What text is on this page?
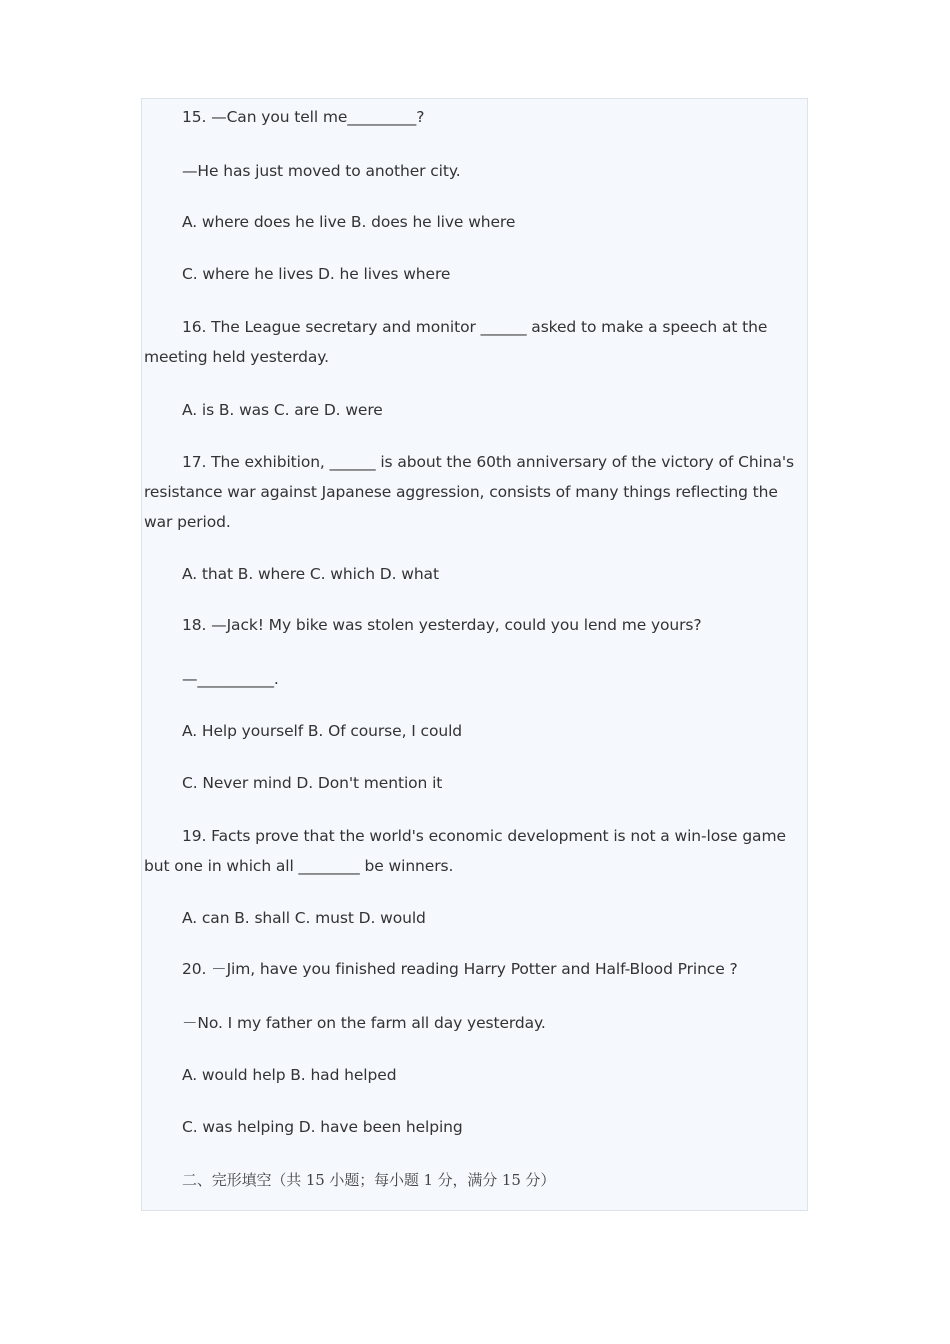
15. —Can you tell me_________?
—He has just moved to another city.
A. where does he live B. does he live where
C. where he lives D. he lives where
16. The League secretary and monitor ______ asked to make a speech at the meeting held yesterday.
A. is B. was C. are D. were
17. The exhibition, ______ is about the 60th anniversary of the victory of China's resistance war against Japanese aggression, consists of many things reflecting the war period.
A. that B. where C. which D. what
18. —Jack! My bike was stolen yesterday, could you lend me yours?
—__________.
A. Help yourself B. Of course, I could
C. Never mind D. Don't mention it
19. Facts prove that the world's economic development is not a win-lose game but one in which all ________ be winners.
A. can B. shall C. must D. would
20. －Jim, have you finished reading Harry Potter and Half-Blood Prince ?
－No. I my father on the farm all day yesterday.
A. would help B. had helped
C. was helping D. have been helping
二、完形填空（共 15 小题；每小题 1 分，满分 15 分）
